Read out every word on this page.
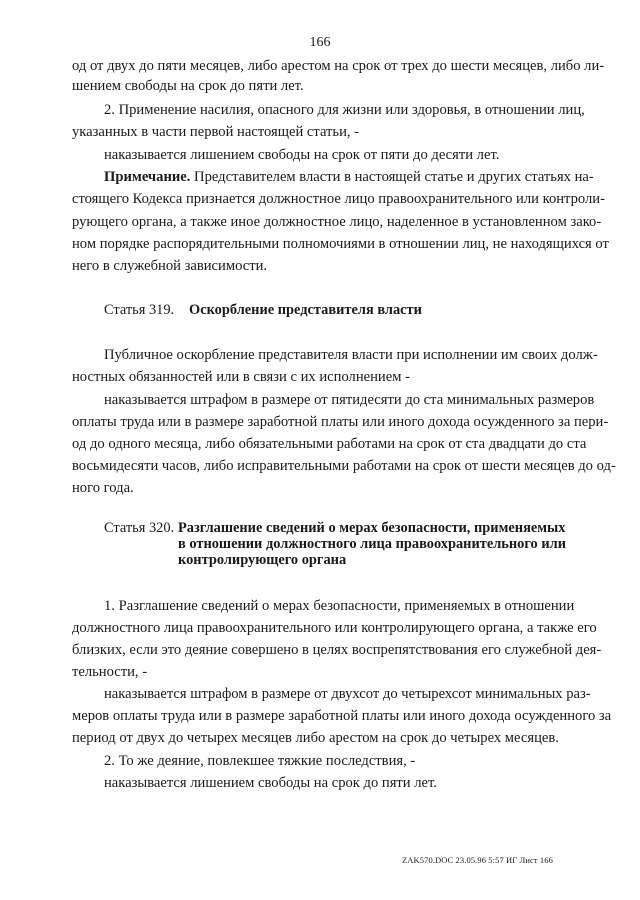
166
од от двух до пяти месяцев, либо арестом на срок от трех до шести месяцев, либо ли-
шением свободы на срок до пяти лет.
2. Применение насилия, опасного для жизни или здоровья, в отношении лиц,
указанных в части первой настоящей статьи, -
наказывается лишением свободы на срок от пяти до десяти лет.
Примечание. Представителем власти в настоящей статье и других статьях на-
стоящего Кодекса признается должностное лицо правоохранительного или контроли-
рующего органа, а также иное должностное лицо, наделенное в установленном зако-
ном порядке распорядительными полномочиями в отношении лиц, не находящихся от
него в служебной зависимости.
Статья 319. Оскорбление представителя власти
Публичное оскорбление представителя власти при исполнении им своих долж-
ностных обязанностей или в связи с их исполнением -
наказывается штрафом в размере от пятидесяти до ста минимальных размеров
оплаты труда или в размере заработной платы или иного дохода осужденного за пери-
од до одного месяца, либо обязательными работами на срок от ста двадцати до ста
восьмидесяти часов, либо исправительными работами на срок от шести месяцев до од-
ного года.
Статья 320. Разглашение сведений о мерах безопасности, применяемых
в отношении должностного лица правоохранительного или
контролирующего органа
1. Разглашение сведений о мерах безопасности, применяемых в отношении
должностного лица правоохранительного или контролирующего органа, а также его
близких, если это деяние совершено в целях воспрепятствования его служебной дея-
тельности, -
наказывается штрафом в размере от двухсот до четырехсот минимальных раз-
меров оплаты труда или в размере заработной платы или иного дохода осужденного за
период от двух до четырех месяцев либо арестом на срок до четырех месяцев.
2. То же деяние, повлекшее тяжкие последствия, -
наказывается лишением свободы на срок до пяти лет.
ZAK570.DOC 23.05.96 5:57 ИГ Лист 166
